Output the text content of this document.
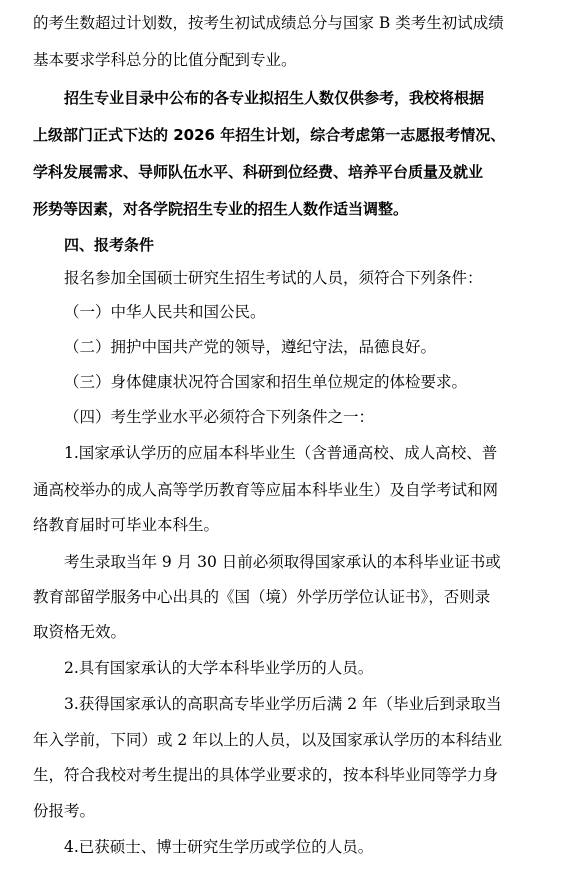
的考生数超过计划数，按考生初试成绩总分与国家 B 类考生初试成绩
基本要求学科总分的比值分配到专业。
招生专业目录中公布的各专业拟招生人数仅供参考，我校将根据
上级部门正式下达的 2026 年招生计划，综合考虑第一志愿报考情况、
学科发展需求、导师队伍水平、科研到位经费、培养平台质量及就业
形势等因素，对各学院招生专业的招生人数作适当调整。
四、报考条件
报名参加全国硕士研究生招生考试的人员，须符合下列条件：
（一）中华人民共和国公民。
（二）拥护中国共产党的领导，遵纪守法，品德良好。
（三）身体健康状况符合国家和招生单位规定的体检要求。
（四）考生学业水平必须符合下列条件之一：
1.国家承认学历的应届本科毕业生（含普通高校、成人高校、普
通高校举办的成人高等学历教育等应届本科毕业生）及自学考试和网
络教育届时可毕业本科生。
考生录取当年 9 月 30 日前必须取得国家承认的本科毕业证书或
教育部留学服务中心出具的《国（境）外学历学位认证书》，否则录
取资格无效。
2.具有国家承认的大学本科毕业学历的人员。
3.获得国家承认的高职高专毕业学历后满 2 年（毕业后到录取当
年入学前，下同）或 2 年以上的人员，以及国家承认学历的本科结业
生，符合我校对考生提出的具体学业要求的，按本科毕业同等学力身
份报考。
4.已获硕士、博士研究生学历或学位的人员。
